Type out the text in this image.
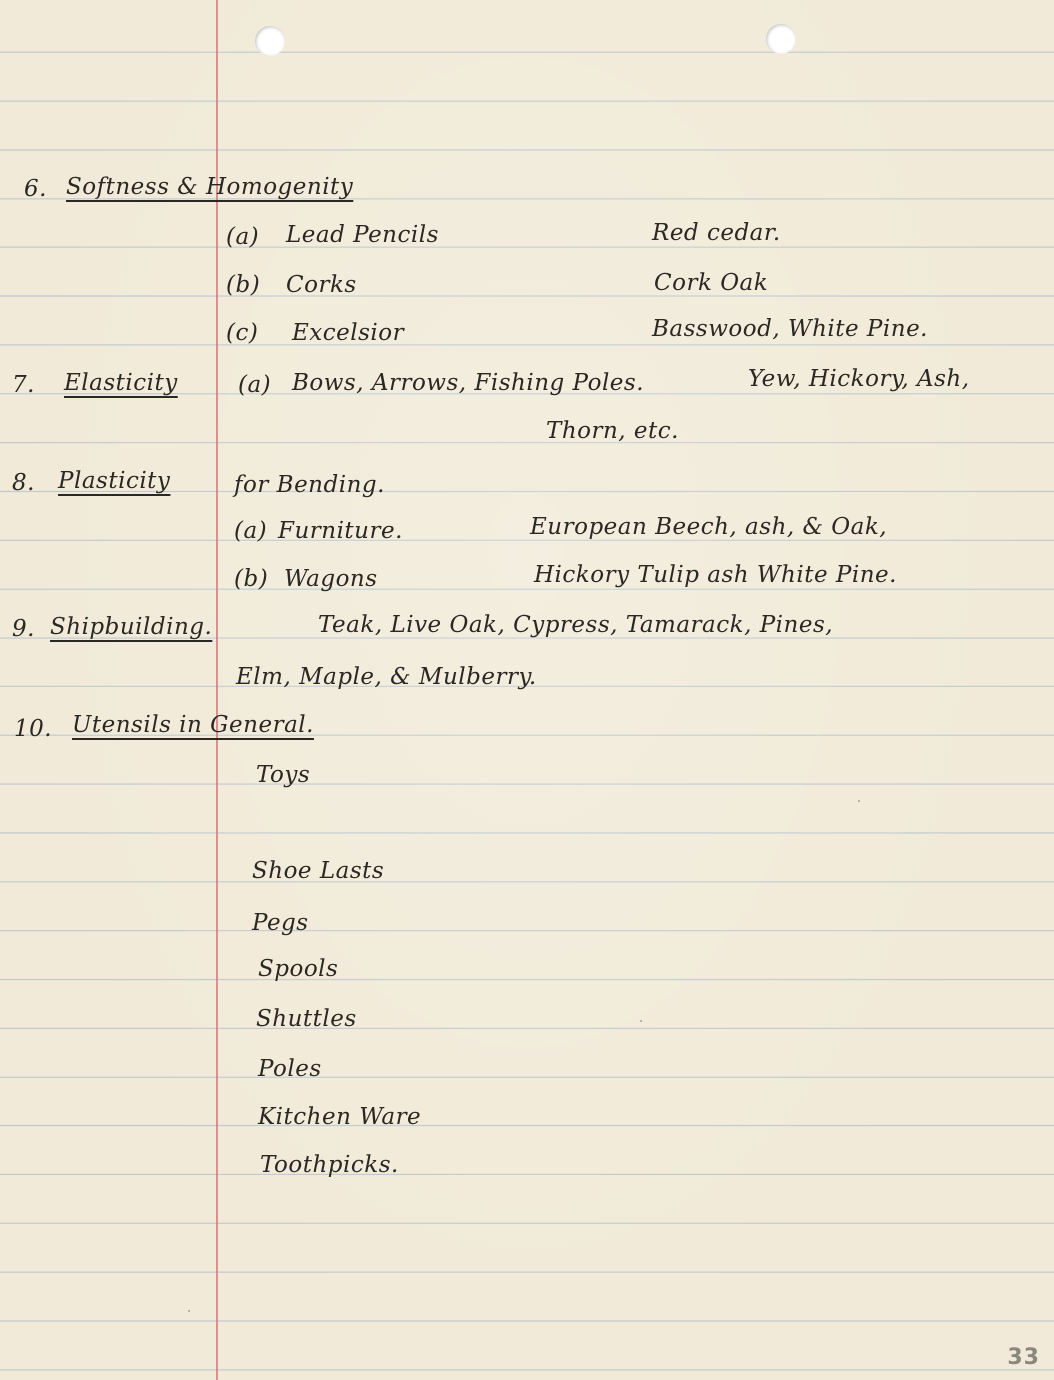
6. Softness & Homogenity
(a) Lead Pencils	Red cedar.
(b) Corks	Cork Oak
(c) Excelsior	Basswood, White Pine.
7. Elasticity	(a) Bows, Arrows, Fishing Poles.	Yew, Hickory, Ash,
Thorn, etc.
8. Plasticity	for Bending.
(a) Furniture.	European Beech, ash, & Oak,
(b) Wagons	Hickory Tulip ash White Pine.
9. Shipbuilding.	Teak, Live Oak, Cypress, Tamarack, Pines,
Elm, Maple, & Mulberry.
10. Utensils in General.
Toys
Shoe Lasts
Pegs
Spools
Shuttles
Poles
Kitchen Ware
Toothpicks.
33
